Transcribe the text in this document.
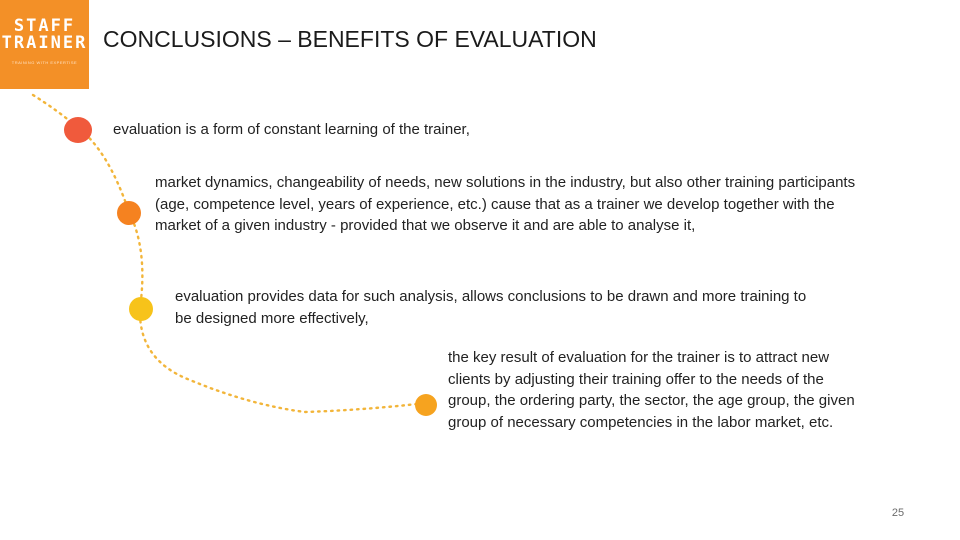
STAFF
TRAINER
TRAINING WITH EXPERTISE
CONCLUSIONS – BENEFITS OF EVALUATION

evaluation is a form of constant learning of the trainer,

market dynamics, changeability of needs, new solutions in the industry, but also other training participants (age, competence level, years of experience, etc.) cause that as a trainer we develop together with the market of a given industry - provided that we observe it and are able to analyse it,

evaluation provides data for such analysis, allows conclusions to be drawn and more training to be designed more effectively,

the key result of evaluation for the trainer is to attract new clients by adjusting their training offer to the needs of the group, the ordering party, the sector, the age group, the given group of necessary competencies in the labor market, etc.

25
